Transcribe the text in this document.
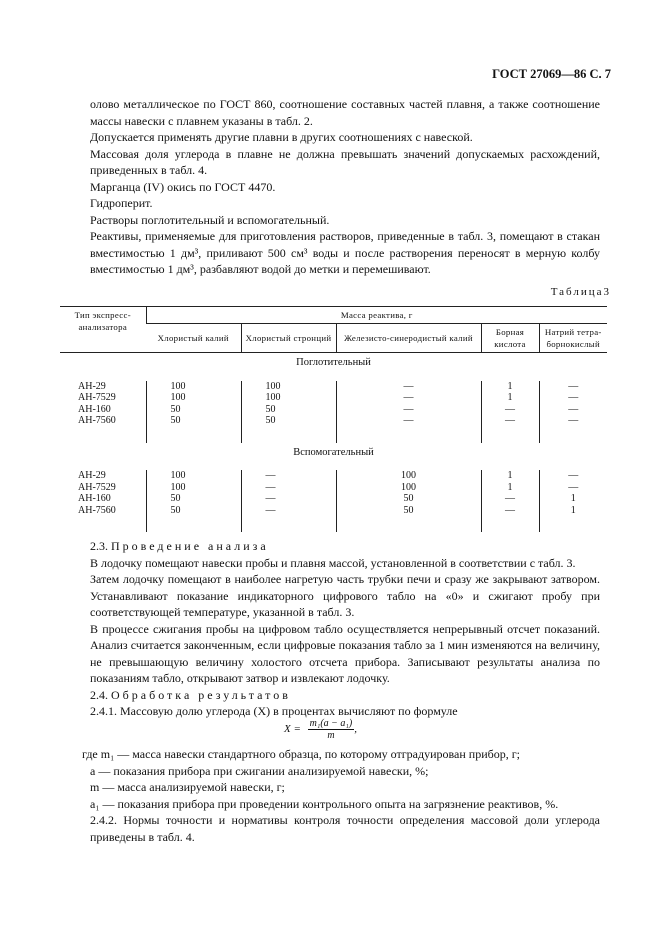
ГОСТ 27069—86 С. 7

олово металлическое по ГОСТ 860, соотношение составных частей плавня, а также соотношение массы навески с плавнем указаны в табл. 2.

Допускается применять другие плавни в других соотношениях с навеской.

Массовая доля углерода в плавне не должна превышать значений допускаемых расхождений, приведенных в табл. 4.

Марганца (IV) окись по ГОСТ 4470.

Гидроперит.

Растворы поглотительный и вспомогательный.

Реактивы, применяемые для приготовления растворов, приведенные в табл. 3, помещают в стакан вместимостью 1 дм³, приливают 500 см³ воды и после растворения переносят в мерную колбу вместимостью 1 дм³, разбавляют водой до метки и перемешивают.

Таблица3
Тип экспресс-анализатора	Масса реактива, г				
	Хлористый калий	Хлористый стронций	Железисто-синеродистый калий	Борная кислота	Натрий тетра-борнокислый
Поглотительный					
АН-29	100	100	—	1	—
АН-7529	100	100	—	1	—
АН-160	50	50	—	—	—
АН-7560	50	50	—	—	—
Вспомогательный					
АН-29	100	—	100	1	—
АН-7529	100	—	100	1	—
АН-160	50	—	50	—	1
АН-7560	50	—	50	—	1

2.3. Проведение анализа

В лодочку помещают навески пробы и плавня массой, установленной в соответствии с табл. 3.

Затем лодочку помещают в наиболее нагретую часть трубки печи и сразу же закрывают затвором. Устанавливают показание индикаторного цифрового табло на «0» и сжигают пробу при соответствующей температуре, указанной в табл. 3.

В процессе сжигания пробы на цифровом табло осуществляется непрерывный отсчет показаний. Анализ считается законченным, если цифровые показания табло за 1 мин изменяются на величину, не превышающую величину холостого отсчета прибора. Записывают результаты анализа по показаниям табло, открывают затвор и извлекают лодочку.

2.4. Обработка результатов

2.4.1. Массовую долю углерода (X) в процентах вычисляют по формуле

$X = \frac{\text{m₁(a − a₁)}}{m}$ ,

где m₁ — масса навески стандартного образца, по которому отградуирован прибор, г;

a — показания прибора при сжигании анализируемой навески, %;

m — масса анализируемой навески, г;

a₁ — показания прибора при проведении контрольного опыта на загрязнение реактивов, %.

2.4.2. Нормы точности и нормативы контроля точности определения массовой доли углерода приведены в табл. 4.
